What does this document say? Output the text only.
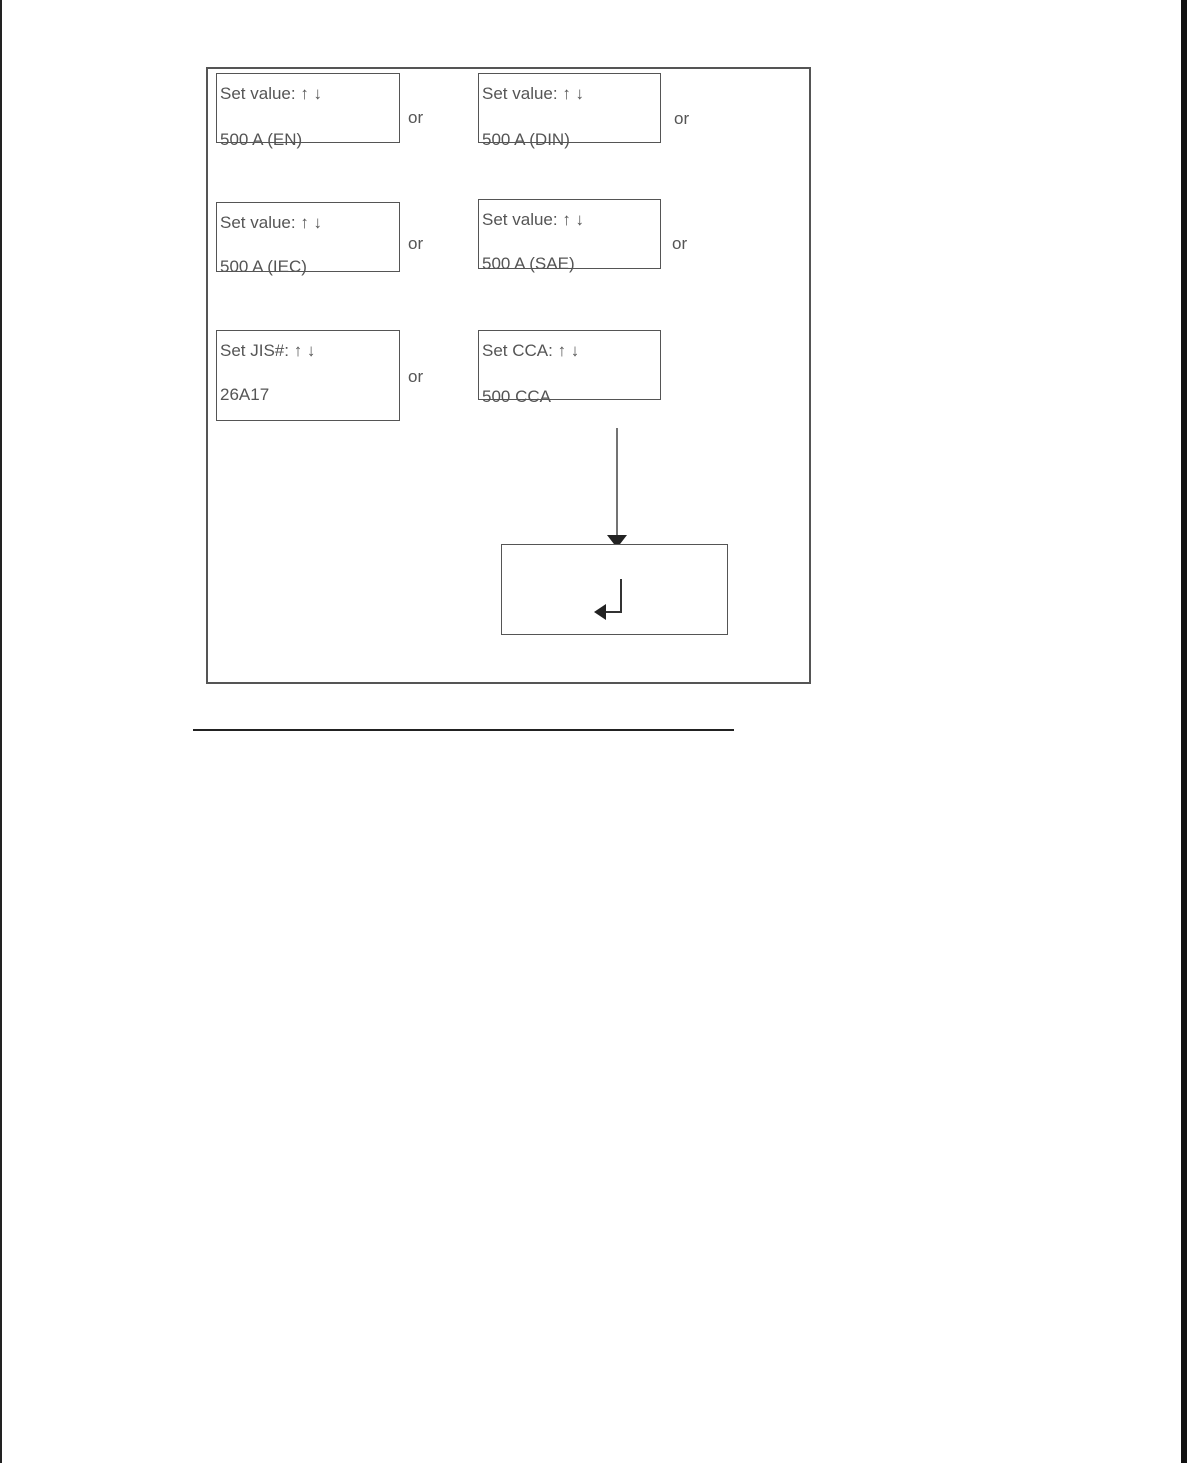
Set value: ↑ ↓
500 A (EN)
or
Set value: ↑ ↓
500 A (DIN)
or
Set value: ↑ ↓
500 A (IEC)
or
Set value: ↑ ↓
500 A (SAE)
or
Set JIS#: ↑ ↓
26A17
or
Set CCA: ↑ ↓
500 CCA
